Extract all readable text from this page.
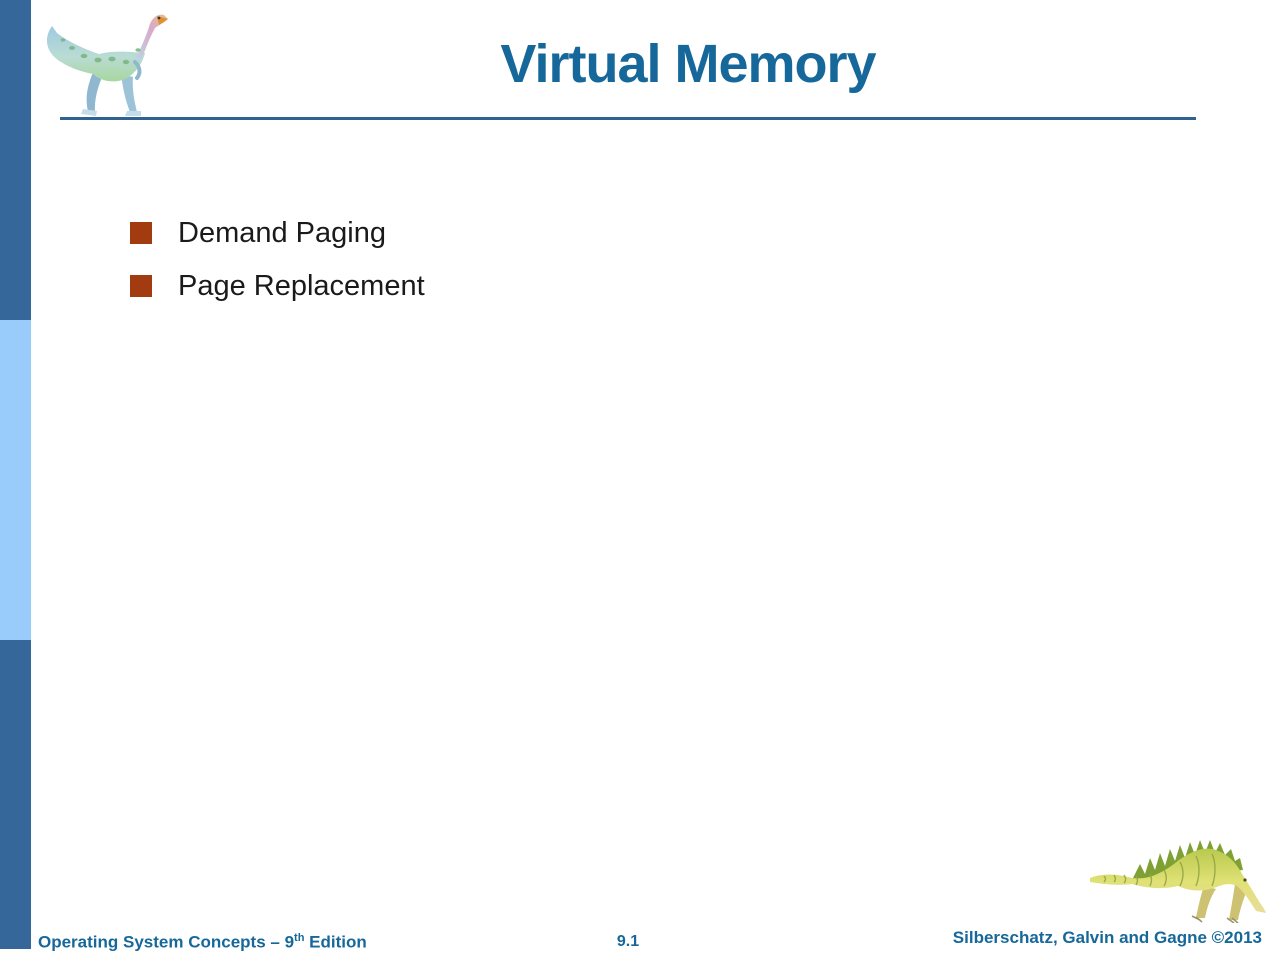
Virtual Memory
Demand Paging
Page Replacement
Operating System Concepts – 9th Edition	9.1	Silberschatz, Galvin and Gagne ©2013
